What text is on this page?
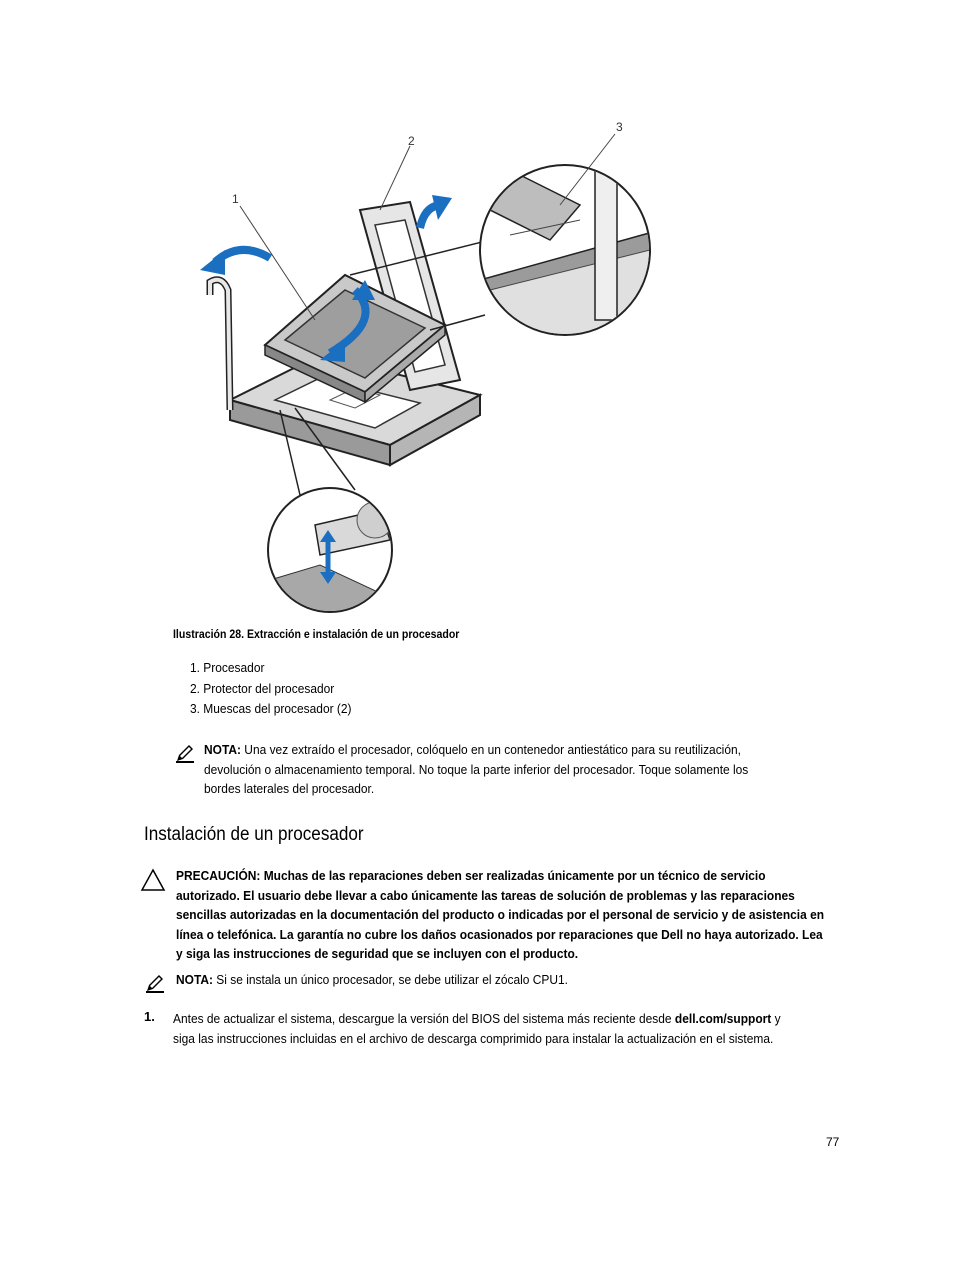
1
2
3
Ilustración 28. Extracción e instalación de un procesador
1. Procesador
2. Protector del procesador
3. Muescas del procesador (2)
NOTA: Una vez extraído el procesador, colóquelo en un contenedor antiestático para su reutilización,
devolución o almacenamiento temporal. No toque la parte inferior del procesador. Toque solamente los
bordes laterales del procesador.
Instalación de un procesador
PRECAUCIÓN: Muchas de las reparaciones deben ser realizadas únicamente por un técnico de servicio
autorizado. El usuario debe llevar a cabo únicamente las tareas de solución de problemas y las reparaciones
sencillas autorizadas en la documentación del producto o indicadas por el personal de servicio y de asistencia en
línea o telefónica. La garantía no cubre los daños ocasionados por reparaciones que Dell no haya autorizado. Lea
y siga las instrucciones de seguridad que se incluyen con el producto.
NOTA: Si se instala un único procesador, se debe utilizar el zócalo CPU1.
1. Antes de actualizar el sistema, descargue la versión del BIOS del sistema más reciente desde dell.com/support y
siga las instrucciones incluidas en el archivo de descarga comprimido para instalar la actualización en el sistema.
77
